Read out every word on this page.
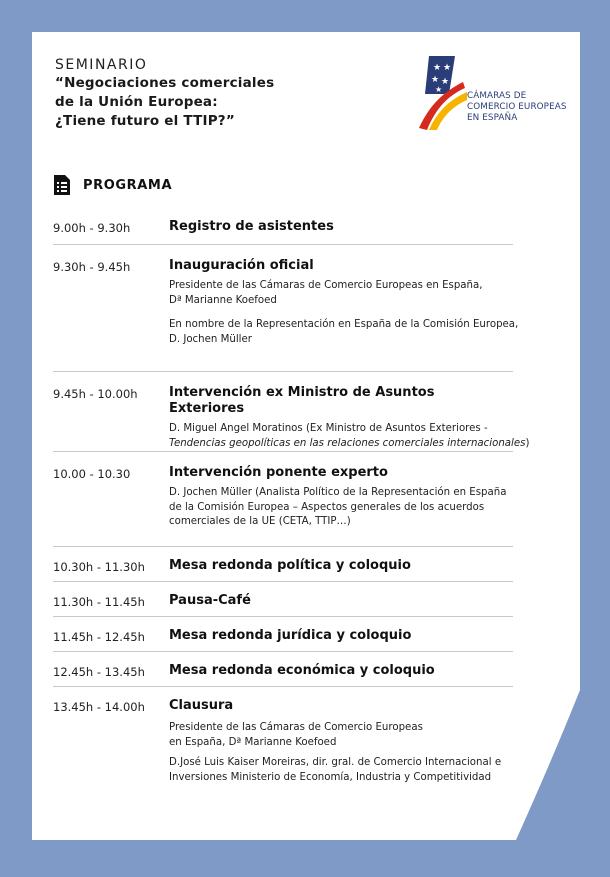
SEMINARIO
“Negociaciones comerciales
de la Unión Europea:
¿Tiene futuro el TTIP?”
★ ★
★ ★
★
CÁMARAS DE
COMERCIO EUROPEAS
EN ESPAÑA
PROGRAMA
9.00h - 9.30h	Registro de asistentes
9.30h - 9.45h	Inauguración oficial
Presidente de las Cámaras de Comercio Europeas en España,
Dª Marianne Koefoed
En nombre de la Representación en España de la Comisión Europea,
D. Jochen Müller
9.45h - 10.00h Intervención ex Ministro de Asuntos Exteriores
D. Miguel Angel Moratinos (Ex Ministro de Asuntos Exteriores -
Tendencias geopolíticas en las relaciones comerciales internacionales)
10.00 - 10.30	Intervención ponente experto
D. Jochen Müller (Analista Político de la Representación en España
de la Comisión Europea – Aspectos generales de los acuerdos
comerciales de la UE (CETA, TTIP…)
10.30h - 11.30h Mesa redonda política y coloquio
11.30h - 11.45h Pausa-Café
11.45h - 12.45h Mesa redonda jurídica y coloquio
12.45h - 13.45h Mesa redonda económica y coloquio
13.45h - 14.00h Clausura
Presidente de las Cámaras de Comercio Europeas
en España, Dª Marianne Koefoed
D.José Luis Kaiser Moreiras, dir. gral. de Comercio Internacional e
Inversiones Ministerio de Economía, Industria y Competitividad
